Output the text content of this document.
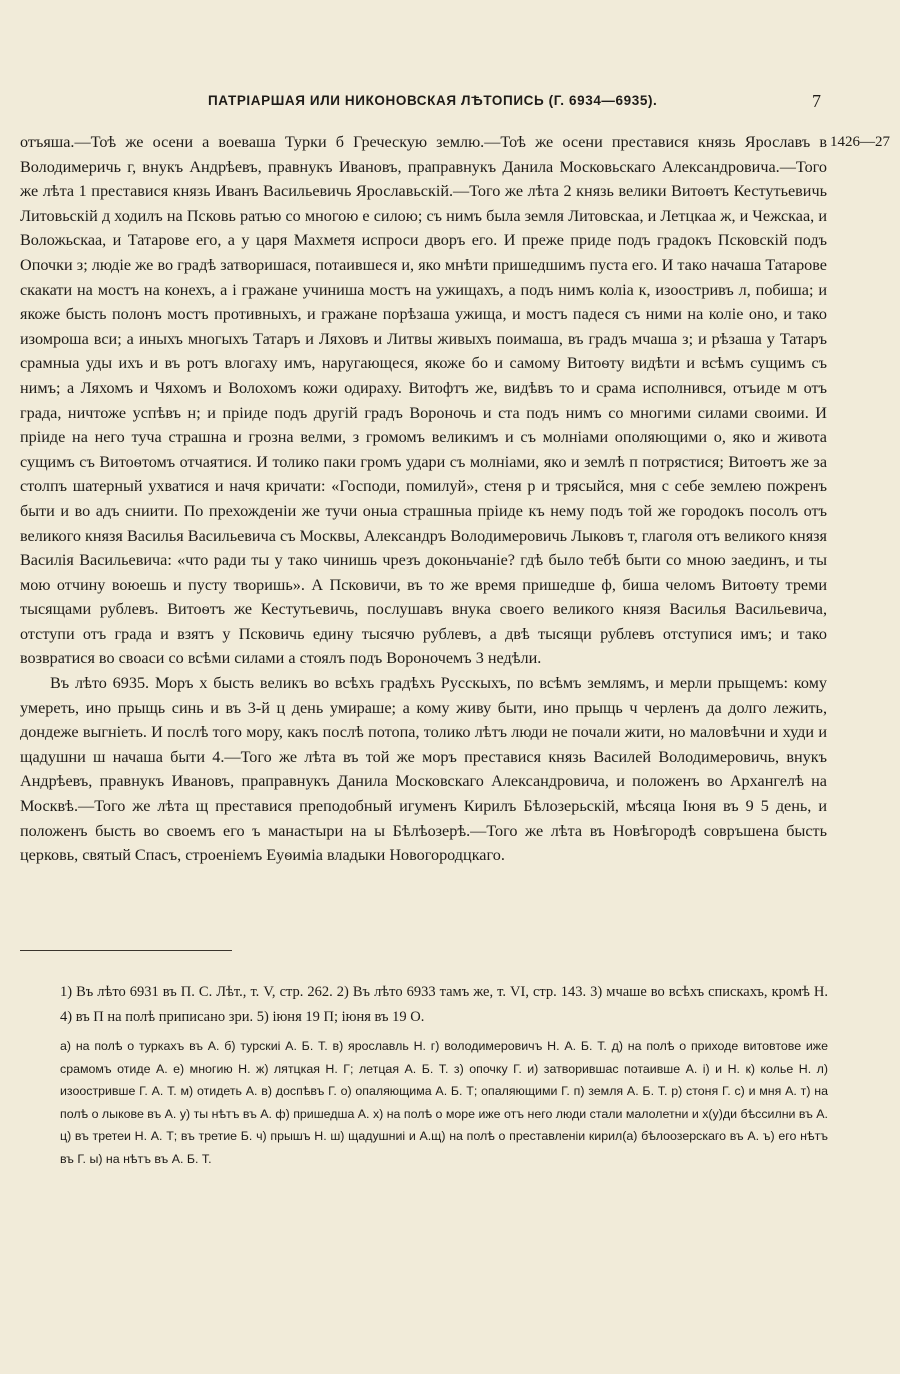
ПАТРІАРШАЯ ИЛИ НИКОНОВСКАЯ ЛѢТОПИСЬ (Г. 6934—6935).	7
1426—27

отъяша.—Тоѣ же осени а воеваша Турки б Греческую землю.—Тоѣ же осени преставися князь Ярославъ в Володимеричь г, внукъ Андрѣевъ, правнукъ Ивановъ, праправнукъ Данила Московьскаго Александровича.—Того же лѣта 1 преставися князь Иванъ Васильевичь Ярославьскій.—Того же лѣта 2 князь велики Витоѳтъ Кестутьевичь Литовьскій д ходилъ на Псковь ратью со многою е силою; съ нимъ была земля Литовскаа, и Летцкаа ж, и Чежскаа, и Воложьскаа, и Татарове его, а у царя Махметя испроси дворъ его. И преже приде подъ градокъ Псковскій подъ Опочки з; людіе же во градѣ затворишася, потаившеся и, яко мнѣти пришедшимъ пуста его. И тако начаша Татарове скакати на мостъ на конехъ, а і гражане учиниша мостъ на ужищахъ, а подъ нимъ коліа к, изоостривъ л, побиша; и якоже бысть полонъ мостъ противныхъ, и гражане порѣзаша ужища, и мостъ падеся съ ними на коліе оно, и тако изомроша вси; а иныхъ многыхъ Татаръ и Ляховъ и Литвы живыхъ поимаша, въ градъ мчаша з; и рѣзаша у Татаръ срамныа уды ихъ и въ ротъ влогаху имъ, наругающеся, якоже бо и самому Витоѳту видѣти и всѣмъ сущимъ съ нимъ; а Ляхомъ и Чяхомъ и Волохомъ кожи одираху. Витофтъ же, видѣвъ то и срама исполнився, отъиде м отъ града, ничтоже успѣвъ н; и пріиде подъ другій градъ Вороночь и ста подъ нимъ со многими силами своими. И пріиде на него туча страшна и грозна велми, з громомъ великимъ и съ молніами ополяющими о, яко и живота сущимъ съ Витоѳтомъ отчаятися. И толико паки громъ удари съ молніами, яко и землѣ п потрястися; Витоѳтъ же за столпъ шатерный ухватися и начя кричати: «Господи, помилуй», стеня р и трясыйся, мня с себе землею пожренъ быти и во адъ сниити. По прехожденіи же тучи оныа страшныа пріиде къ нему подъ той же городокъ посолъ отъ великого князя Василья Васильевича съ Москвы, Александръ Володимеровичь Лыковъ т, глаголя отъ великого князя Василія Васильевича: «что ради ты у тако чинишь чрезъ доконьчаніе? гдѣ было тебѣ быти со мною заединъ, и ты мою отчину воюешь и пусту творишь». А Псковичи, въ то же время пришедше ф, биша челомъ Витоѳту треми тысящами рублевъ. Витоѳтъ же Кестутьевичь, послушавъ внука своего великого князя Василья Васильевича, отступи отъ града и взятъ у Псковичь едину тысячю рублевъ, а двѣ тысящи рублевъ отступися имъ; и тако возвратися во своаси со всѣми силами а стоялъ подъ Вороночемъ 3 недѣли.

Въ лѣто 6935. Моръ х бысть великъ во всѣхъ градѣхъ Русскыхъ, по всѣмъ землямъ, и мерли прыщемъ: кому умереть, ино прыщь синь и въ 3-й ц день умираше; а кому живу быти, ино прыщь ч черленъ да долго лежить, дондеже выгніеть. И послѣ того мору, какъ послѣ потопа, толико лѣтъ люди не почали жити, но маловѣчни и худи и щадушни ш начаша быти 4.—Того же лѣта въ той же моръ преставися князь Василей Володимеровичь, внукъ Андрѣевъ, правнукъ Ивановъ, праправнукъ Данила Московскаго Александровича, и положенъ во Архангелѣ на Москвѣ.—Того же лѣта щ преставися преподобный игуменъ Кирилъ Бѣлозерьскій, мѣсяца Іюня въ 9 5 день, и положенъ бысть во своемъ его ъ манастыри на ы Бѣлѣозерѣ.—Того же лѣта въ Новѣгородѣ совръшена бысть церковь, святый Спасъ, строеніемъ Еуѳиміа владыки Новогородцкаго.

1) Въ лѣто 6931 въ П. С. Лѣт., т. V, стр. 262. 2) Въ лѣто 6933 тамъ же, т. VI, стр. 143. 3) мчаше во всѣхъ спискахъ, кромѣ Н. 4) въ П на полѣ приписано зри. 5) іюня 19 П; іюня въ 19 О.

а) на полѣ о туркахъ въ А. б) турскиі А. Б. Т. в) ярославль Н. г) володимеровичъ Н. А. Б. Т. д) на полѣ о приходе витовтове иже срамомъ отиде А. е) многию Н. ж) лятцкая Н. Г; летцая А. Б. Т. з) опочку Г. и) затворившас потаивше А. і) и Н. к) колье Н. л) изоостривше Г. А. Т. м) отидеть А. в) доспѣвъ Г. о) опаляющима А. Б. Т; опаляющими Г. п) земля А. Б. Т. р) стоня Г. с) и мня А. т) на полѣ о лыкове въ А. у) ты нѣтъ въ А. ф) пришедша А. х) на полѣ о море иже отъ него люди стали малолетни и х(у)ди бѣссилни въ А. ц) въ третеи Н. А. Т; въ третие Б. ч) прышъ Н. ш) щадушниі и А.щ) на полѣ о преставленіи кирил(а) бѣлоозерскаго въ А. ъ) его нѣтъ въ Г. ы) на нѣтъ въ А. Б. Т.
